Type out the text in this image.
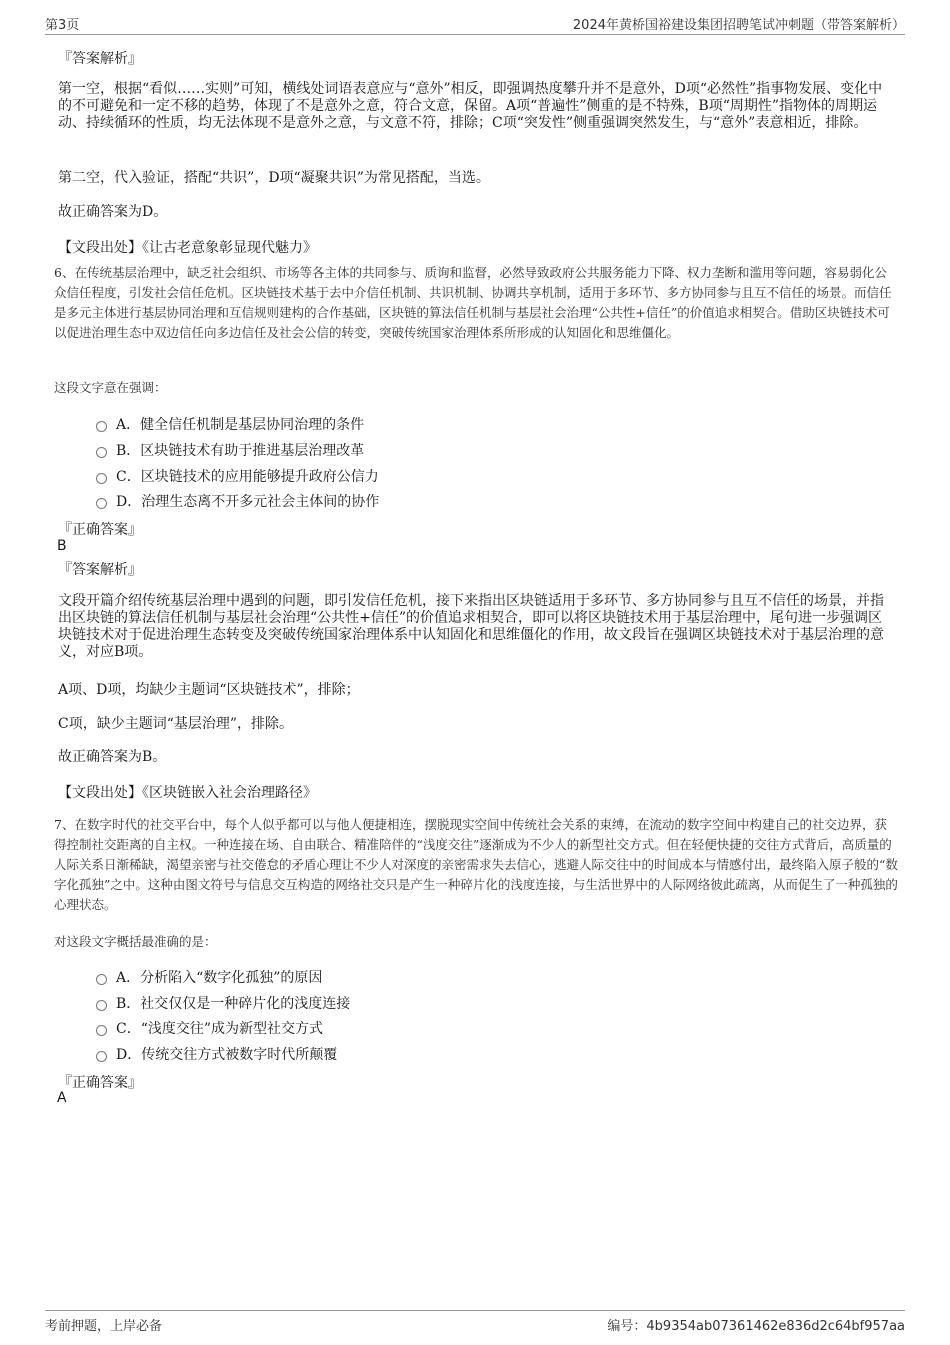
第3页	2024年黄桥国裕建设集团招聘笔试冲刺题（带答案解析）
『答案解析』
第一空，根据“看似……实则”可知，横线处词语表意应与“意外”相反，即强调热度攀升并不是意外，D项“必然性”指事物发展、变化中的不可避免和一定不移的趋势，体现了不是意外之意，符合文意，保留。A项“普遍性”侧重的是不特殊，B项“周期性”指物体的周期运动、持续循环的性质，均无法体现不是意外之意，与文意不符，排除；C项“突发性”侧重强调突然发生，与“意外”表意相近，排除。
第二空，代入验证，搭配“共识”，D项“凝聚共识”为常见搭配，当选。
故正确答案为D。
【文段出处】《让古老意象彰显现代魅力》
6、在传统基层治理中，缺乏社会组织、市场等各主体的共同参与、质询和监督，必然导致政府公共服务能力下降、权力垄断和滥用等问题，容易弱化公众信任程度，引发社会信任危机。区块链技术基于去中介信任机制、共识机制、协调共享机制，适用于多环节、多方协同参与且互不信任的场景。而信任是多元主体进行基层协同治理和互信规则建构的合作基础，区块链的算法信任机制与基层社会治理“公共性+信任”的价值追求相契合。借助区块链技术可以促进治理生态中双边信任向多边信任及社会公信的转变，突破传统国家治理体系所形成的认知固化和思维僵化。
这段文字意在强调：
A．健全信任机制是基层协同治理的条件
B．区块链技术有助于推进基层治理改革
C．区块链技术的应用能够提升政府公信力
D．治理生态离不开多元社会主体间的协作
『正确答案』
B
『答案解析』
文段开篇介绍传统基层治理中遇到的问题，即引发信任危机，接下来指出区块链适用于多环节、多方协同参与且互不信任的场景，并指出区块链的算法信任机制与基层社会治理“公共性+信任”的价值追求相契合，即可以将区块链技术用于基层治理中，尾句进一步强调区块链技术对于促进治理生态转变及突破传统国家治理体系中认知固化和思维僵化的作用，故文段旨在强调区块链技术对于基层治理的意义，对应B项。
A项、D项，均缺少主题词“区块链技术”，排除；
C项，缺少主题词“基层治理”，排除。
故正确答案为B。
【文段出处】《区块链嵌入社会治理路径》
7、在数字时代的社交平台中，每个人似乎都可以与他人便捷相连，摆脱现实空间中传统社会关系的束缚，在流动的数字空间中构建自己的社交边界，获得控制社交距离的自主权。一种连接在场、自由联合、精准陪伴的“浅度交往”逐渐成为不少人的新型社交方式。但在轻便快捷的交往方式背后，高质量的人际关系日渐稀缺，渴望亲密与社交倦怠的矛盾心理让不少人对深度的亲密需求失去信心，逃避人际交往中的时间成本与情感付出，最终陷入原子般的“数字化孤独”之中。这种由图文符号与信息交互构造的网络社交只是产生一种碎片化的浅度连接，与生活世界中的人际网络彼此疏离，从而促生了一种孤独的心理状态。
对这段文字概括最准确的是：
A．分析陷入“数字化孤独”的原因
B．社交仅仅是一种碎片化的浅度连接
C．“浅度交往”成为新型社交方式
D．传统交往方式被数字时代所颠覆
『正确答案』
A
考前押题，上岸必备	编号：4b9354ab07361462e836d2c64bf957aa
